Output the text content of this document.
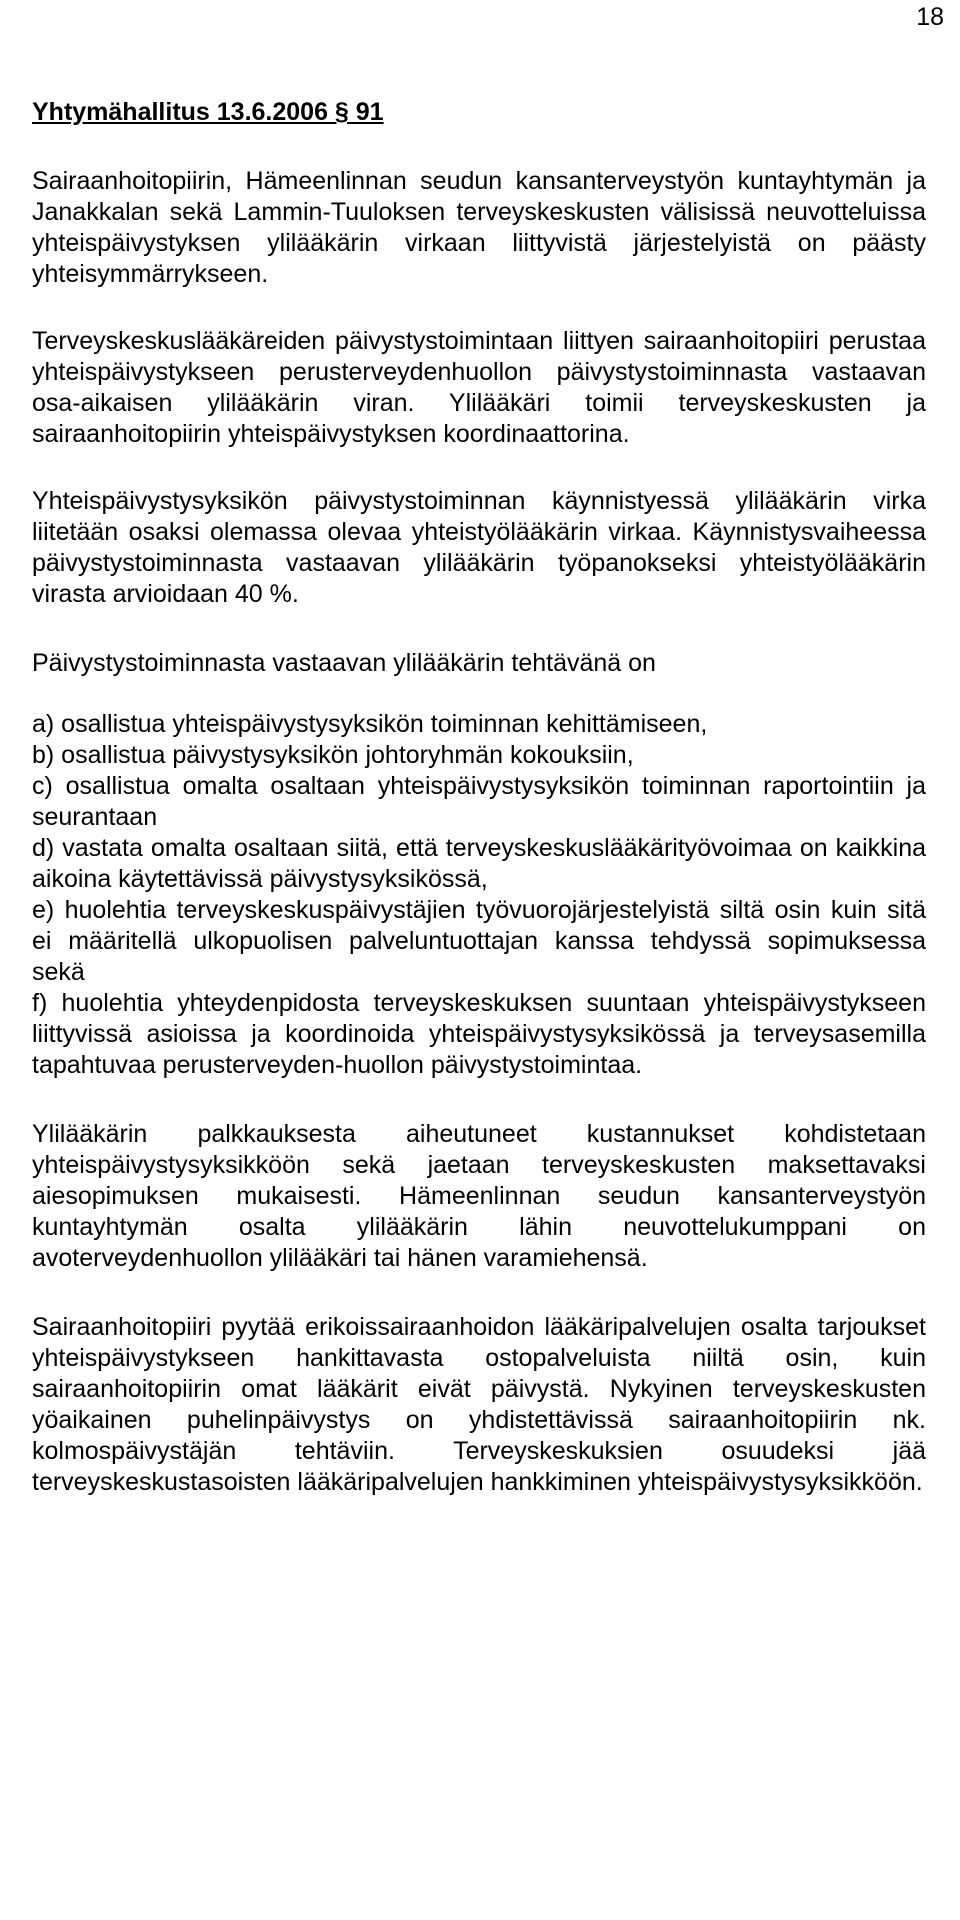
18
Yhtymähallitus 13.6.2006 § 91

Sairaanhoitopiirin, Hämeenlinnan seudun kansanterveystyön kuntayhtymän ja Janakkalan sekä Lammin-Tuuloksen terveyskeskusten välisissä neuvotteluissa yhteispäivystyksen ylilääkärin virkaan liittyvistä järjestelyistä on päästy yhteisymmärrykseen.

Terveyskeskuslääkäreiden päivystystoimintaan liittyen sairaanhoitopiiri perustaa yhteispäivystykseen perusterveydenhuollon päivystystoiminnasta vastaavan osa-aikaisen ylilääkärin viran. Ylilääkäri toimii terveyskeskusten ja sairaanhoitopiirin yhteispäivystyksen koordinaattorina.

Yhteispäivystysyksikön päivystystoiminnan käynnistyessä ylilääkärin virka liitetään osaksi olemassa olevaa yhteistyölääkärin virkaa. Käynnistysvaiheessa päivystystoiminnasta vastaavan ylilääkärin työpanokseksi yhteistyölääkärin virasta arvioidaan 40 %.

Päivystystoiminnasta vastaavan ylilääkärin tehtävänä on

a) osallistua yhteispäivystysyksikön toiminnan kehittämiseen,

b) osallistua päivystysyksikön johtoryhmän kokouksiin,

c) osallistua omalta osaltaan yhteispäivystysyksikön toiminnan raportointiin ja seurantaan

d) vastata omalta osaltaan siitä, että terveyskeskuslääkärityövoimaa on kaikkina aikoina käytettävissä päivystysyksikössä,

e) huolehtia terveyskeskuspäivystäjien työvuorojärjestelyistä siltä osin kuin sitä ei määritellä ulkopuolisen palveluntuottajan kanssa tehdyssä sopimuksessa sekä

f) huolehtia yhteydenpidosta terveyskeskuksen suuntaan yhteispäivystykseen liittyvissä asioissa ja koordinoida yhteispäivystysyksikössä ja terveysasemilla tapahtuvaa perusterveyden-huollon päivystystoimintaa.

Ylilääkärin palkkauksesta aiheutuneet kustannukset kohdistetaan yhteispäivystysyksikköön sekä jaetaan terveyskeskusten maksettavaksi aiesopimuksen mukaisesti. Hämeenlinnan seudun kansanterveystyön kuntayhtymän osalta ylilääkärin lähin neuvottelukumppani on avoterveydenhuollon ylilääkäri tai hänen varamiehensä.

Sairaanhoitopiiri pyytää erikoissairaanhoidon lääkäripalvelujen osalta tarjoukset yhteispäivystykseen hankittavasta ostopalveluista niiltä osin, kuin sairaanhoitopiirin omat lääkärit eivät päivystä. Nykyinen terveyskeskusten yöaikainen puhelinpäivystys on yhdistettävissä sairaanhoitopiirin nk. kolmospäivystäjän tehtäviin. Terveyskeskuksien osuudeksi jää terveyskeskustasoisten lääkäripalvelujen hankkiminen yhteispäivystysyksikköön.
